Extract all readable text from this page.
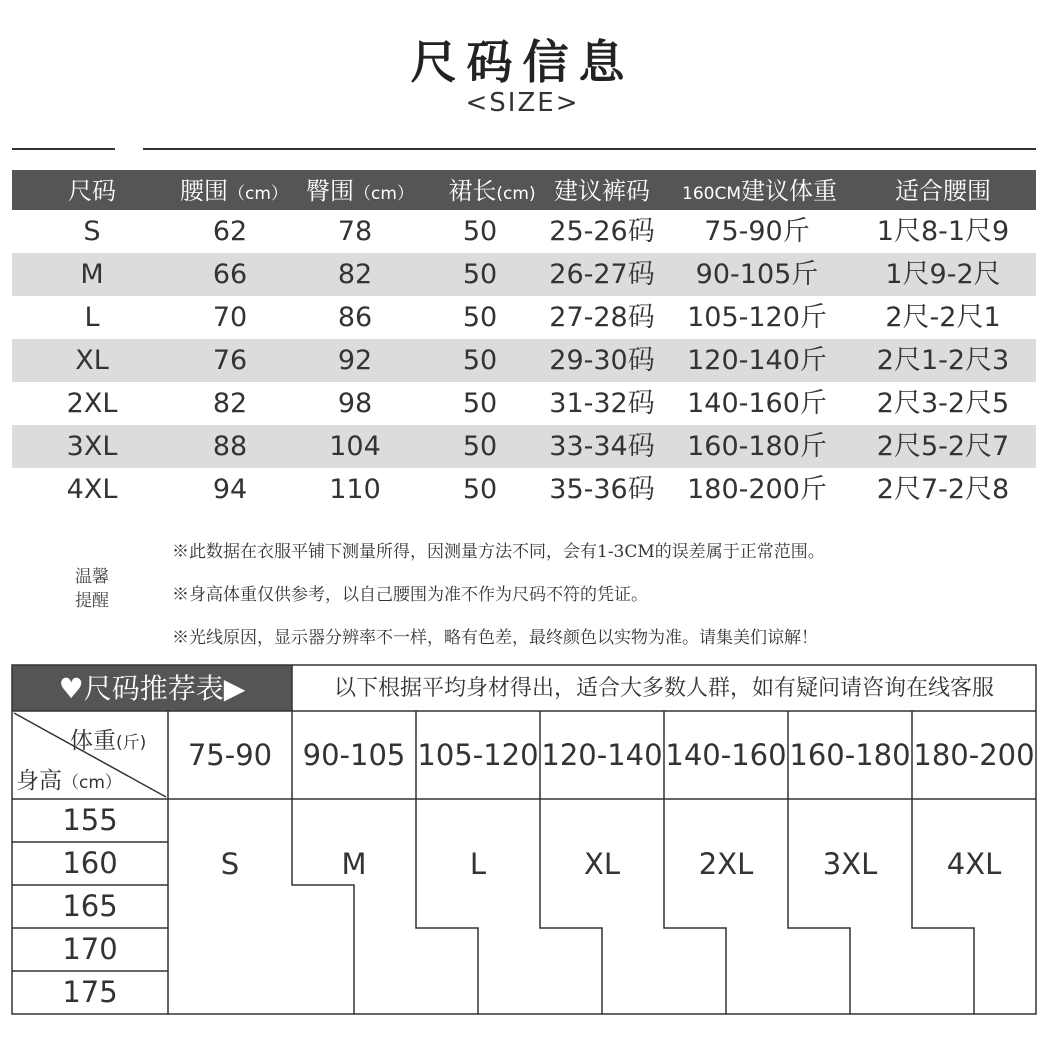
尺码信息
<SIZE>
尺码	腰围（cm） 臀围（cm）	裙长(cm) 建议裤码	160CM建议体重	适合腰围
S	62	78	50	25-26码	75-90斤	1尺8-1尺9
M	66	82	50	26-27码	90-105斤	1尺9-2尺
L	70	86	50	27-28码	105-120斤	2尺-2尺1
XL	76	92	50	29-30码	120-140斤	2尺1-2尺3
2XL	82	98	50	31-32码	140-160斤	2尺3-2尺5
3XL	88	104	50	33-34码	160-180斤	2尺5-2尺7
4XL	94	110	50	35-36码	180-200斤	2尺7-2尺8
温馨
提醒
※此数据在衣服平铺下测量所得，因测量方法不同，会有1-3CM的误差属于正常范围。
※身高体重仅供参考，以自己腰围为准不作为尺码不符的凭证。
※光线原因，显示器分辨率不一样，略有色差，最终颜色以实物为准。请集美们谅解！
♥尺码推荐表▶	以下根据平均身材得出，适合大多数人群，如有疑问请咨询在线客服
体重(斤)
身高（cm）
75-90	90-105 105-120 120-140 140-160 160-180 180-200
155
160
165
170
175
S	M	L	XL	2XL	3XL	4XL
